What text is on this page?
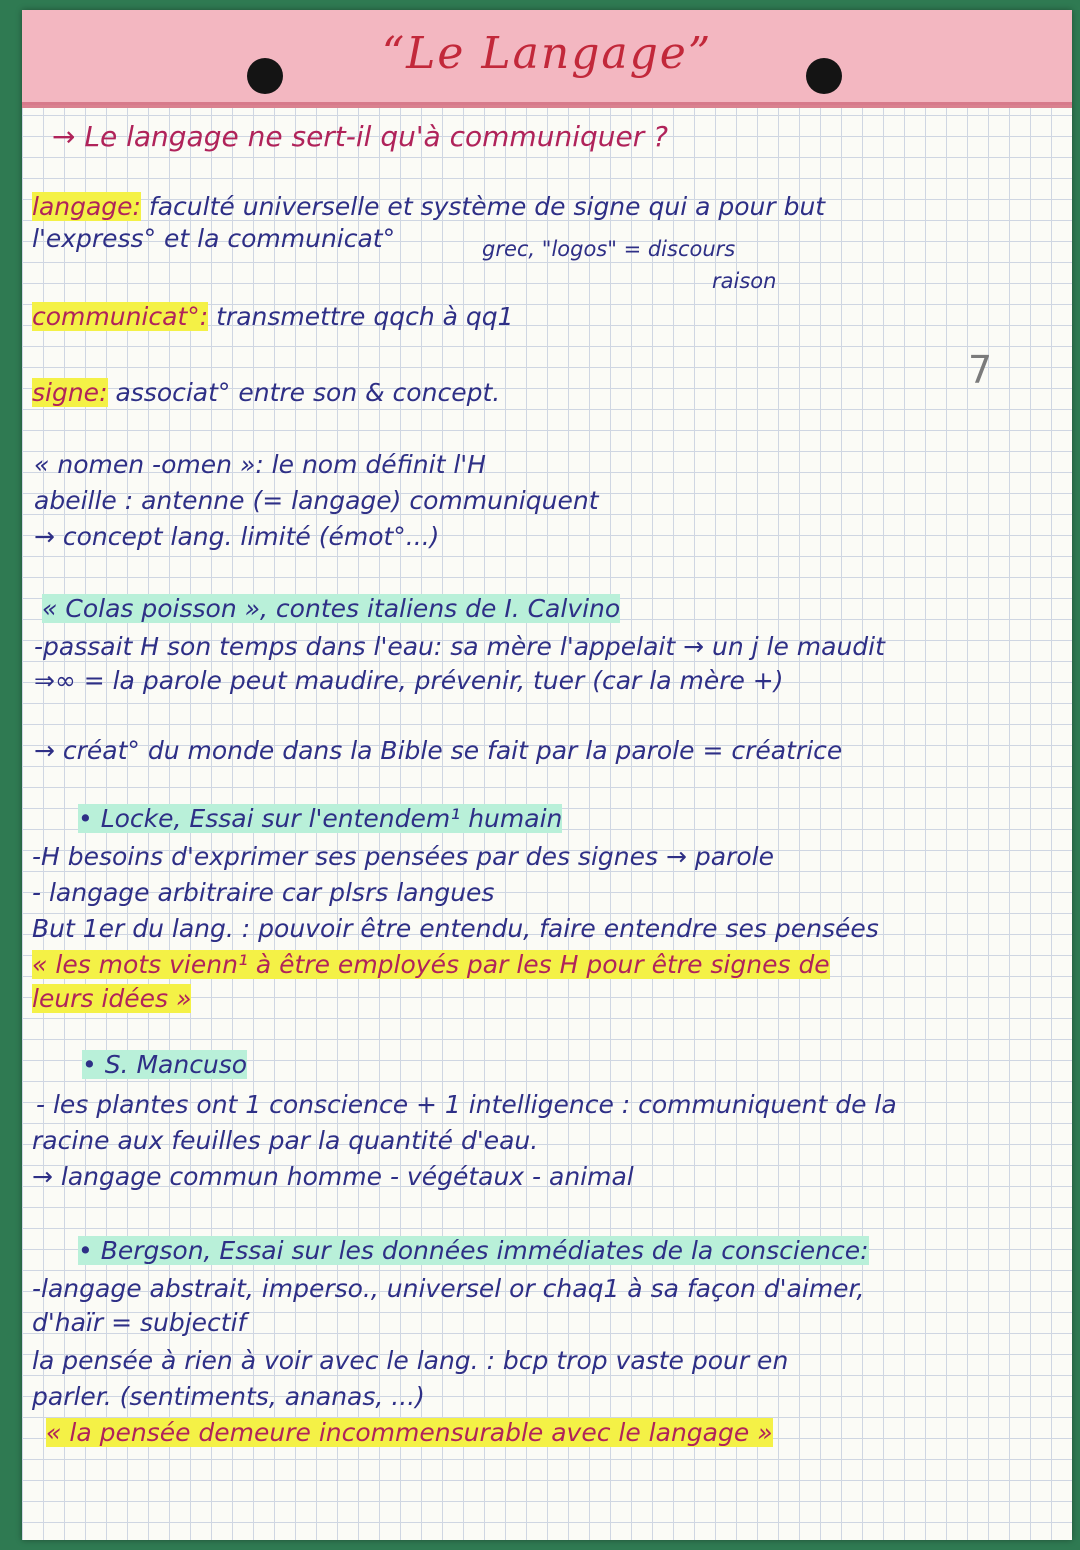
“Le Langage”
→ Le langage ne sert-il qu'à communiquer ?
langage: faculté universelle et système de signe qui a pour but
l'express° et la communicat°	grec, "logos" = discours
raison
communicat°: transmettre qqch à qq1
signe: associat° entre son & concept.
7
« nomen -omen »: le nom définit l'H
abeille : antenne (= langage) communiquent
→ concept lang. limité (émot°...)
« Colas poisson », contes italiens de I. Calvino
-passait H son temps dans l'eau: sa mère l'appelait → un j le maudit
⇒∞ = la parole peut maudire, prévenir, tuer (car la mère +)
→ créat° du monde dans la Bible se fait par la parole = créatrice
• Locke, Essai sur l'entendem¹ humain
-H besoins d'exprimer ses pensées par des signes → parole
- langage arbitraire car plsrs langues
But 1er du lang. : pouvoir être entendu, faire entendre ses pensées
« les mots vienn¹ à être employés par les H pour être signes de
leurs idées »
• S. Mancuso
- les plantes ont 1 conscience + 1 intelligence : communiquent de la
racine aux feuilles par la quantité d'eau.
→ langage commun homme - végétaux - animal
• Bergson, Essai sur les données immédiates de la conscience:
-langage abstrait, imperso., universel or chaq1 à sa façon d'aimer,
d'haïr = subjectif
la pensée à rien à voir avec le lang. : bcp trop vaste pour en
parler. (sentiments, ananas, ...)
« la pensée demeure incommensurable avec le langage »
